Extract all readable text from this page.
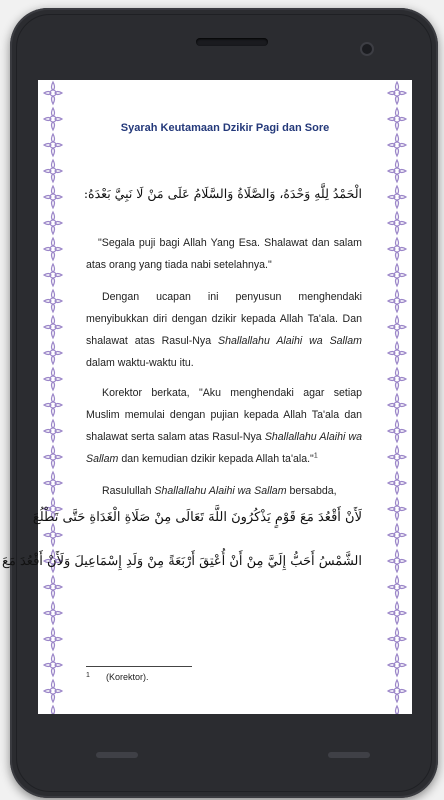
Syarah Keutamaan Dzikir Pagi dan Sore
الْحَمْدُ لِلَّهِ وَحْدَهُ، وَالصَّلَاةُ وَالسَّلَامُ عَلَى مَنْ لَا نَبِيَّ بَعْدَهُ:

"Segala puji bagi Allah Yang Esa. Shalawat dan salam atas orang yang tiada nabi setelahnya."

Dengan ucapan ini penyusun menghendaki menyibukkan diri dengan dzikir kepada Allah Ta'ala. Dan shalawat atas Rasul-Nya Shallallahu Alaihi wa Sallam dalam waktu-waktu itu.

Korektor berkata, "Aku menghendaki agar setiap Muslim memulai dengan pujian kepada Allah Ta'ala dan shalawat serta salam atas Rasul-Nya Shallallahu Alaihi wa Sallam dan kemudian dzikir kepada Allah ta'ala."$^1$

Rasulullah Shallallahu Alaihi wa Sallam bersabda,

لَأَنْ أَقْعُدَ مَعَ قَوْمٍ يَذْكُرُونَ اللَّهَ تَعَالَى مِنْ صَلَاةِ الْغَدَاةِ حَتَّى تَطْلُعَ
الشَّمْسُ أَحَبُّ إِلَيَّ مِنْ أَنْ أُعْتِقَ أَرْبَعَةً مِنْ وَلَدِ إِسْمَاعِيلَ وَلَأَنْ أَقْعُدَ مَعَ
1 (Korektor).
